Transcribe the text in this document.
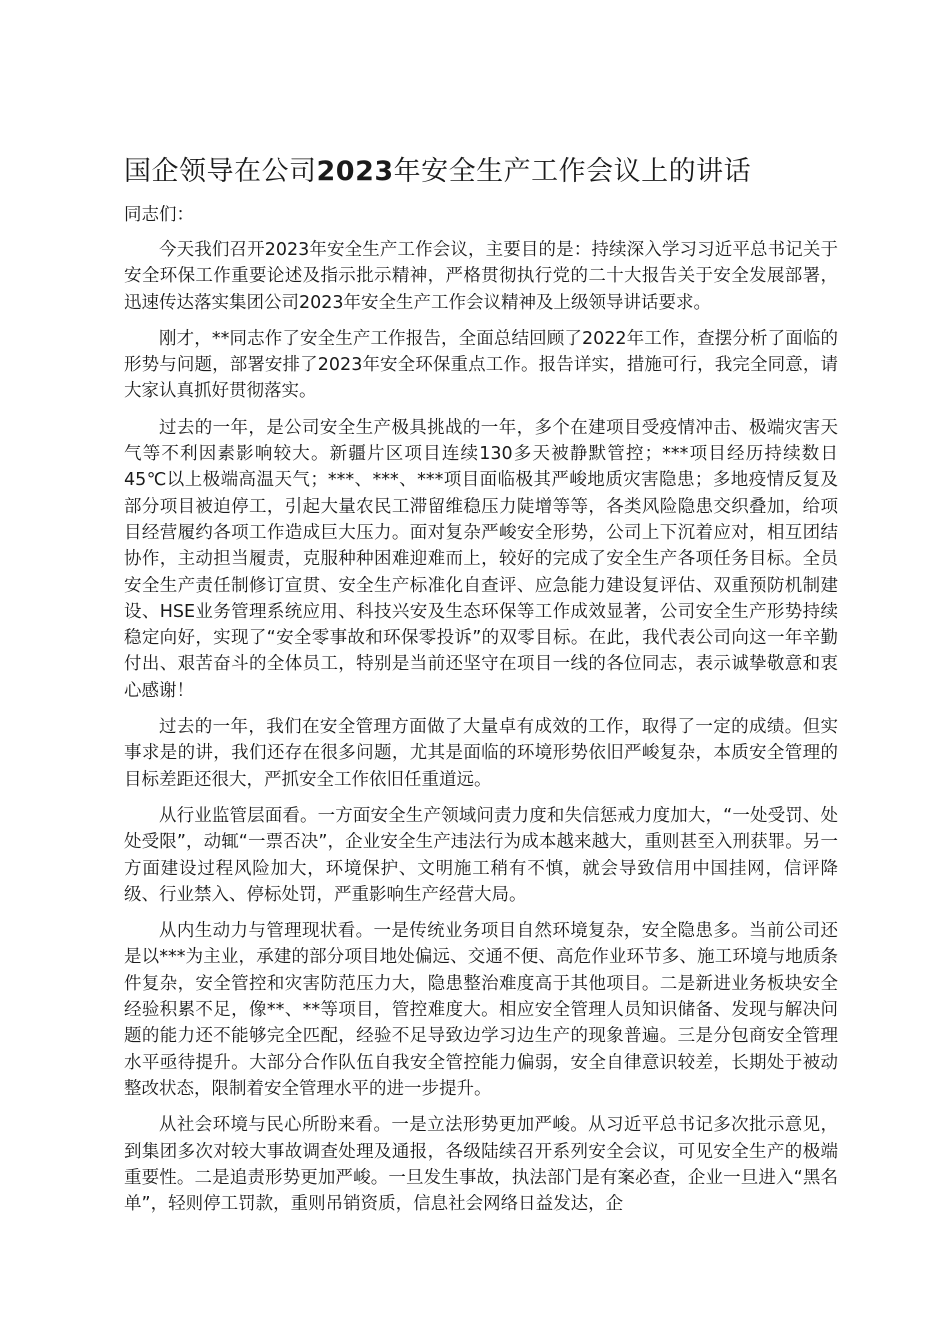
国企领导在公司2023年安全生产工作会议上的讲话

同志们：

今天我们召开2023年安全生产工作会议，主要目的是：持续深入学习习近平总书记关于安全环保工作重要论述及指示批示精神，严格贯彻执行党的二十大报告关于安全发展部署，迅速传达落实集团公司2023年安全生产工作会议精神及上级领导讲话要求。

刚才，**同志作了安全生产工作报告，全面总结回顾了2022年工作，查摆分析了面临的形势与问题，部署安排了2023年安全环保重点工作。报告详实，措施可行，我完全同意，请大家认真抓好贯彻落实。

过去的一年，是公司安全生产极具挑战的一年，多个在建项目受疫情冲击、极端灾害天气等不利因素影响较大。新疆片区项目连续130多天被静默管控；***项目经历持续数日45℃以上极端高温天气；***、***、***项目面临极其严峻地质灾害隐患；多地疫情反复及部分项目被迫停工，引起大量农民工滞留维稳压力陡增等等，各类风险隐患交织叠加，给项目经营履约各项工作造成巨大压力。面对复杂严峻安全形势，公司上下沉着应对，相互团结协作，主动担当履责，克服种种困难迎难而上，较好的完成了安全生产各项任务目标。全员安全生产责任制修订宣贯、安全生产标准化自查评、应急能力建设复评估、双重预防机制建设、HSE业务管理系统应用、科技兴安及生态环保等工作成效显著，公司安全生产形势持续稳定向好，实现了“安全零事故和环保零投诉”的双零目标。在此，我代表公司向这一年辛勤付出、艰苦奋斗的全体员工，特别是当前还坚守在项目一线的各位同志，表示诚挚敬意和衷心感谢！

过去的一年，我们在安全管理方面做了大量卓有成效的工作，取得了一定的成绩。但实事求是的讲，我们还存在很多问题，尤其是面临的环境形势依旧严峻复杂，本质安全管理的目标差距还很大，严抓安全工作依旧任重道远。

从行业监管层面看。一方面安全生产领域问责力度和失信惩戒力度加大，“一处受罚、处处受限”，动辄“一票否决”，企业安全生产违法行为成本越来越大，重则甚至入刑获罪。另一方面建设过程风险加大，环境保护、文明施工稍有不慎，就会导致信用中国挂网，信评降级、行业禁入、停标处罚，严重影响生产经营大局。

从内生动力与管理现状看。一是传统业务项目自然环境复杂，安全隐患多。当前公司还是以***为主业，承建的部分项目地处偏远、交通不便、高危作业环节多、施工环境与地质条件复杂，安全管控和灾害防范压力大，隐患整治难度高于其他项目。二是新进业务板块安全经验积累不足，像**、**等项目，管控难度大。相应安全管理人员知识储备、发现与解决问题的能力还不能够完全匹配，经验不足导致边学习边生产的现象普遍。三是分包商安全管理水平亟待提升。大部分合作队伍自我安全管控能力偏弱，安全自律意识较差，长期处于被动整改状态，限制着安全管理水平的进一步提升。

从社会环境与民心所盼来看。一是立法形势更加严峻。从习近平总书记多次批示意见，到集团多次对较大事故调查处理及通报，各级陆续召开系列安全会议，可见安全生产的极端重要性。二是追责形势更加严峻。一旦发生事故，执法部门是有案必查，企业一旦进入“黑名单”，轻则停工罚款，重则吊销资质，信息社会网络日益发达，企
